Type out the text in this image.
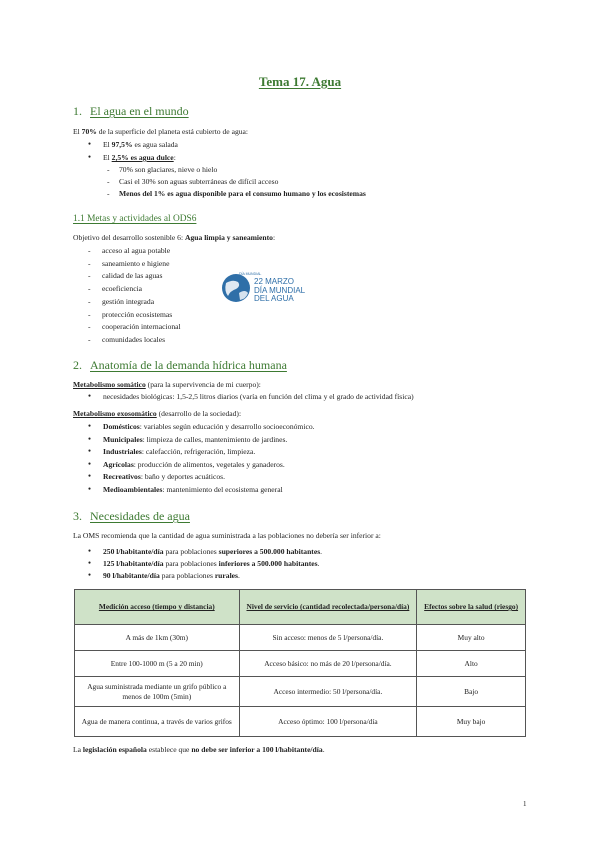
Tema 17. Agua
1. El agua en el mundo
El 70% de la superficie del planeta está cubierto de agua:
● El 97,5% es agua salada
● El 2,5% es agua dulce:
- 70% son glaciares, nieve o hielo
- Casi el 30% son aguas subterráneas de difícil acceso
- Menos del 1% es agua disponible para el consumo humano y los ecosistemas
1.1 Metas y actividades al ODS6
Objetivo del desarrollo sostenible 6: Agua limpia y saneamiento:
- acceso al agua potable
- saneamiento e higiene
- calidad de las aguas
- ecoeficiencia
- gestión integrada
- protección ecosistemas
- cooperación internacional
- comunidades locales
DÍA MUNDIAL
22 MARZO
DÍA MUNDIAL
DEL AGUA
2. Anatomía de la demanda hídrica humana
Metabolismo somático (para la supervivencia de mi cuerpo):
● necesidades biológicas: 1,5-2,5 litros diarios (varía en función del clima y el grado de actividad física)
Metabolismo exosomático (desarrollo de la sociedad):
● Domésticos: variables según educación y desarrollo socioeconómico.
● Municipales: limpieza de calles, mantenimiento de jardines.
● Industriales: calefacción, refrigeración, limpieza.
● Agrícolas: producción de alimentos, vegetales y ganaderos.
● Recreativos: baño y deportes acuáticos.
● Medioambientales: mantenimiento del ecosistema general
3. Necesidades de agua
La OMS recomienda que la cantidad de agua suministrada a las poblaciones no debería ser inferior a:
● 250 l/habitante/día para poblaciones superiores a 500.000 habitantes.
● 125 l/habitante/día para poblaciones inferiores a 500.000 habitantes.
● 90 l/habitante/día para poblaciones rurales.
Medición acceso (tiempo y distancia)	Nivel de servicio (cantidad recolectada/persona/día)	Efectos sobre la salud (riesgo)
A más de 1km (30m)	Sin acceso: menos de 5 l/persona/día.	Muy alto
Entre 100-1000 m (5 a 20 min)	Acceso básico: no más de 20 l/persona/día.	Alto
Agua suministrada mediante un grifo público a menos de 100m (5min)	Acceso intermedio: 50 l/persona/día.	Bajo
Agua de manera continua, a través de varios grifos	Acceso óptimo: 100 l/persona/día	Muy bajo
La legislación española establece que no debe ser inferior a 100 l/habitante/día.
1
